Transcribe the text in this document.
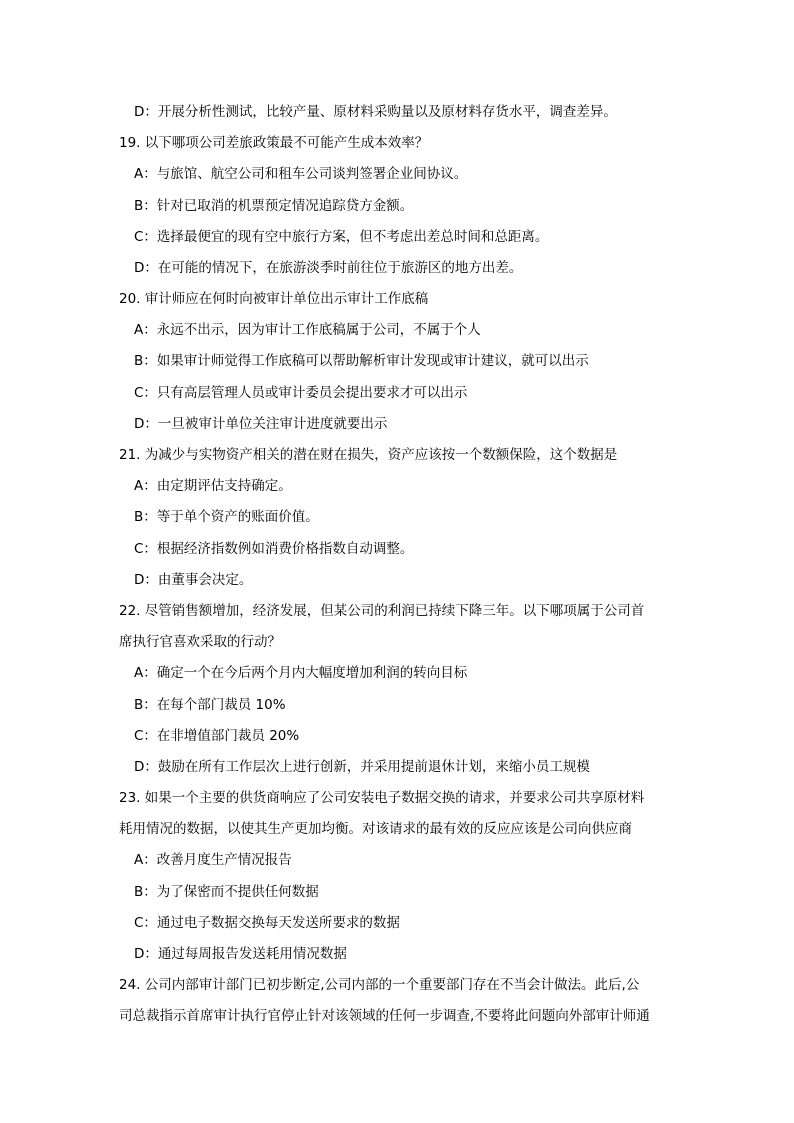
D：开展分析性测试，比较产量、原材料采购量以及原材料存货水平，调查差异。
19. 以下哪项公司差旅政策最不可能产生成本效率？
A：与旅馆、航空公司和租车公司谈判签署企业间协议。
B：针对已取消的机票预定情况追踪贷方金额。
C：选择最便宜的现有空中旅行方案，但不考虑出差总时间和总距离。
D：在可能的情况下，在旅游淡季时前往位于旅游区的地方出差。
20. 审计师应在何时向被审计单位出示审计工作底稿
A：永远不出示，因为审计工作底稿属于公司，不属于个人
B：如果审计师觉得工作底稿可以帮助解析审计发现或审计建议，就可以出示
C：只有高层管理人员或审计委员会提出要求才可以出示
D：一旦被审计单位关注审计进度就要出示
21. 为减少与实物资产相关的潜在财在损失，资产应该按一个数额保险，这个数据是
A：由定期评估支持确定。
B：等于单个资产的账面价值。
C：根据经济指数例如消费价格指数自动调整。
D：由董事会决定。
22. 尽管销售额增加，经济发展，但某公司的利润已持续下降三年。以下哪项属于公司首
席执行官喜欢采取的行动？
A：确定一个在今后两个月内大幅度增加利润的转向目标
B：在每个部门裁员 10%
C：在非增值部门裁员 20%
D：鼓励在所有工作层次上进行创新，并采用提前退休计划，来缩小员工规模
23. 如果一个主要的供货商响应了公司安装电子数据交换的请求，并要求公司共享原材料
耗用情况的数据，以使其生产更加均衡。对该请求的最有效的反应应该是公司向供应商
A：改善月度生产情况报告
B：为了保密而不提供任何数据
C：通过电子数据交换每天发送所要求的数据
D：通过每周报告发送耗用情况数据
24. 公司内部审计部门已初步断定,公司内部的一个重要部门存在不当会计做法。此后,公
司总裁指示首席审计执行官停止针对该领域的任何一步调查,不要将此问题向外部审计师通
